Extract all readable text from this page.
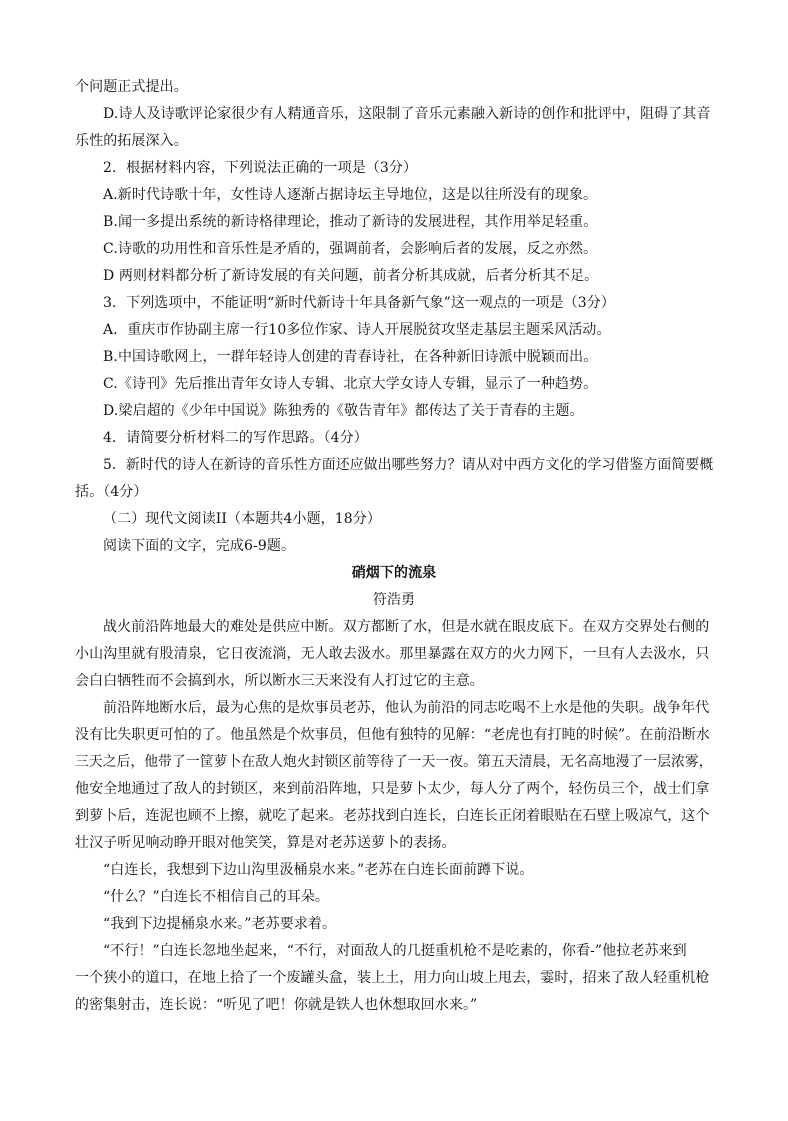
个问题正式提出。
D.诗人及诗歌评论家很少有人精通音乐，这限制了音乐元素融入新诗的创作和批评中，阻碍了其音
乐性的拓展深入。
2．根据材料内容，下列说法正确的一项是（3分）
A.新时代诗歌十年，女性诗人逐渐占据诗坛主导地位，这是以往所没有的现象。
B.闻一多提出系统的新诗格律理论，推动了新诗的发展进程，其作用举足轻重。
C.诗歌的功用性和音乐性是矛盾的，强调前者，会影响后者的发展，反之亦然。
D 两则材料都分析了新诗发展的有关问题，前者分析其成就，后者分析其不足。
3．下列选项中，不能证明“新时代新诗十年具备新气象”这一观点的一项是（3分）
A．重庆市作协副主席一行10多位作家、诗人开展脱贫攻坚走基层主题采风活动。
B.中国诗歌网上，一群年轻诗人创建的青春诗社，在各种新旧诗派中脱颖而出。
C.《诗刊》先后推出青年女诗人专辑、北京大学女诗人专辑，显示了一种趋势。
D.梁启超的《少年中国说》陈独秀的《敬告青年》都传达了关于青春的主题。
4．请简要分析材料二的写作思路。（4分）
5．新时代的诗人在新诗的音乐性方面还应做出哪些努力？请从对中西方文化的学习借鉴方面简要概
括。（4分）
（二）现代文阅读II（本题共4小题，18分）
阅读下面的文字，完成6-9题。
硝烟下的流泉
符浩勇
战火前沿阵地最大的难处是供应中断。双方都断了水，但是水就在眼皮底下。在双方交界处右侧的
小山沟里就有股清泉，它日夜流淌，无人敢去汲水。那里暴露在双方的火力网下，一旦有人去汲水，只
会白白牺牲而不会搞到水，所以断水三天来没有人打过它的主意。
前沿阵地断水后，最为心焦的是炊事员老苏，他认为前沿的同志吃喝不上水是他的失职。战争年代
没有比失职更可怕的了。他虽然是个炊事员，但他有独特的见解：“老虎也有打盹的时候”。在前沿断水
三天之后，他带了一筐萝卜在敌人炮火封锁区前等待了一天一夜。第五天清晨，无名高地漫了一层浓雾，
他安全地通过了敌人的封锁区，来到前沿阵地，只是萝卜太少，每人分了两个，轻伤员三个，战士们拿
到萝卜后，连泥也顾不上擦，就吃了起来。老苏找到白连长，白连长正闭着眼贴在石壁上吸凉气，这个
壮汉子听见响动睁开眼对他笑笑，算是对老苏送萝卜的表扬。
“白连长，我想到下边山沟里汲桶泉水来。”老苏在白连长面前蹲下说。
“什么？”白连长不相信自己的耳朵。
“我到下边提桶泉水来。”老苏要求着。
“不行！”白连长忽地坐起来，“不行，对面敌人的几挺重机枪不是吃素的，你看-”他拉老苏来到
一个狭小的道口，在地上拾了一个废罐头盒，装上土，用力向山坡上甩去，霎时，招来了敌人轻重机枪
的密集射击，连长说：“听见了吧！你就是铁人也休想取回水来。”
